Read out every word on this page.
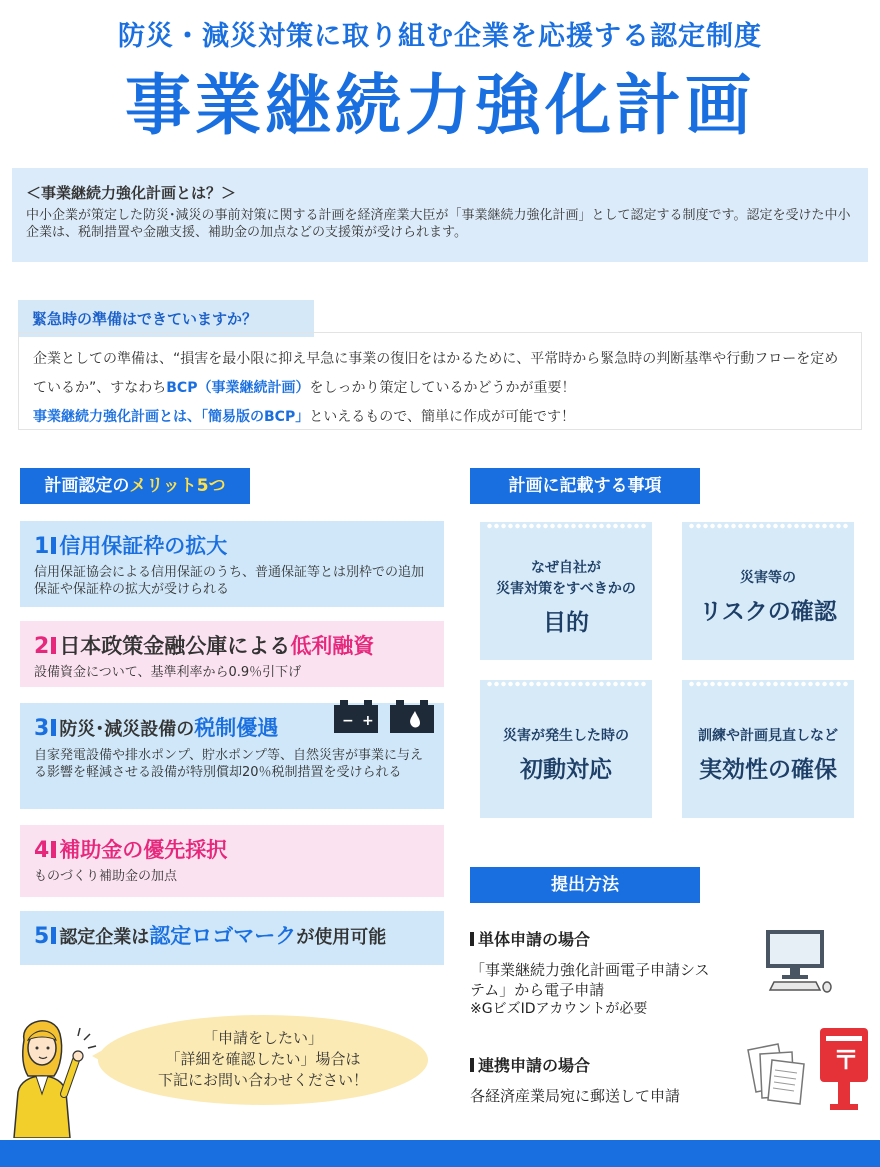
防災・減災対策に取り組む企業を応援する認定制度
事業継続力強化計画
＜事業継続力強化計画とは？＞
中小企業が策定した防災･減災の事前対策に関する計画を経済産業大臣が「事業継続力強化計画」として認定する制度です。認定を受けた中小企業は、税制措置や金融支援、補助金の加点などの支援策が受けられます。
緊急時の準備はできていますか？
企業としての準備は、“損害を最小限に抑え早急に事業の復旧をはかるために、平常時から緊急時の判断基準や行動フローを定めているか”、すなわちBCP（事業継続計画）をしっかり策定しているかどうかが重要！事業継続力強化計画とは、「簡易版のBCP」といえるもので、簡単に作成が可能です！
計画認定のメリット5つ
1 信用保証枠の拡大
信用保証協会による信用保証のうち、普通保証等とは別枠での追加保証や保証枠の拡大が受けられる
2 日本政策金融公庫による低利融資
設備資金について、基準利率から0.9％引下げ
3 防災･減災設備の税制優遇
自家発電設備や排水ポンプ、貯水ポンプ等、自然災害が事業に与える影響を軽減させる設備が特別償却20％税制措置を受けられる
− +
4 補助金の優先採択
ものづくり補助金の加点
5 認定企業は認定ロゴマークが使用可能
計画に記載する事項
なぜ自社が
災害対策をすべきかの
目的
災害等の
リスクの確認
災害が発生した時の
初動対応
訓練や計画見直しなど
実効性の確保
提出方法
単体申請の場合
「事業継続力強化計画電子申請シス
テム」から電子申請
※GビズIDアカウントが必要
連携申請の場合
各経済産業局宛に郵送して申請
〒
「申請をしたい」
「詳細を確認したい」場合は
下記にお問い合わせください！
